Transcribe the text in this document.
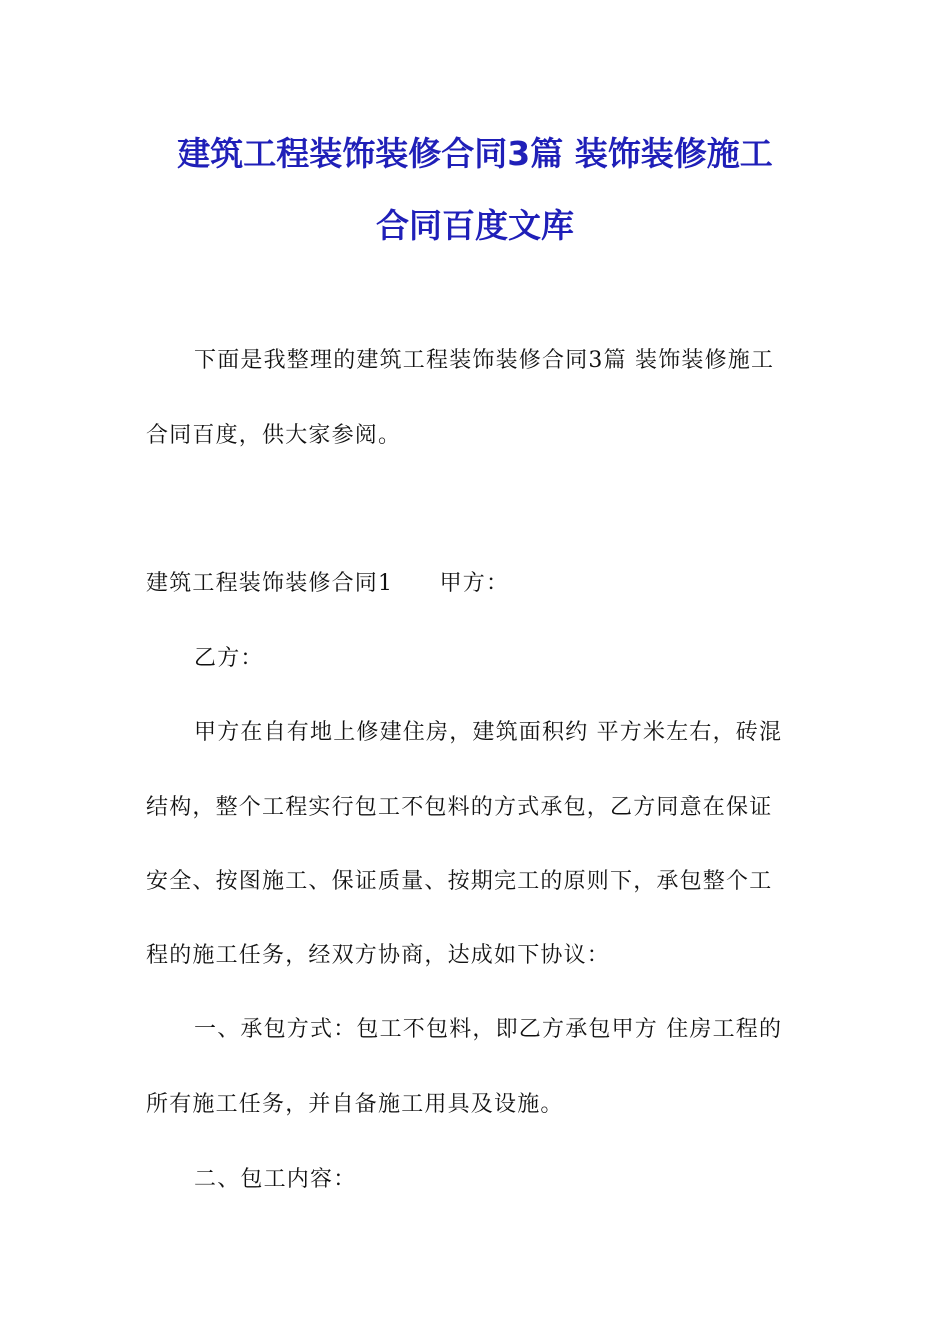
建筑工程装饰装修合同3篇 装饰装修施工
合同百度文库

下面是我整理的建筑工程装饰装修合同3篇 装饰装修施工

合同百度，供大家参阅。

建筑工程装饰装修合同1　　甲方：

乙方：

甲方在自有地上修建住房，建筑面积约 平方米左右，砖混

结构，整个工程实行包工不包料的方式承包，乙方同意在保证

安全、按图施工、保证质量、按期完工的原则下，承包整个工

程的施工任务，经双方协商，达成如下协议：

一、承包方式：包工不包料，即乙方承包甲方 住房工程的

所有施工任务，并自备施工用具及设施。

二、包工内容：
